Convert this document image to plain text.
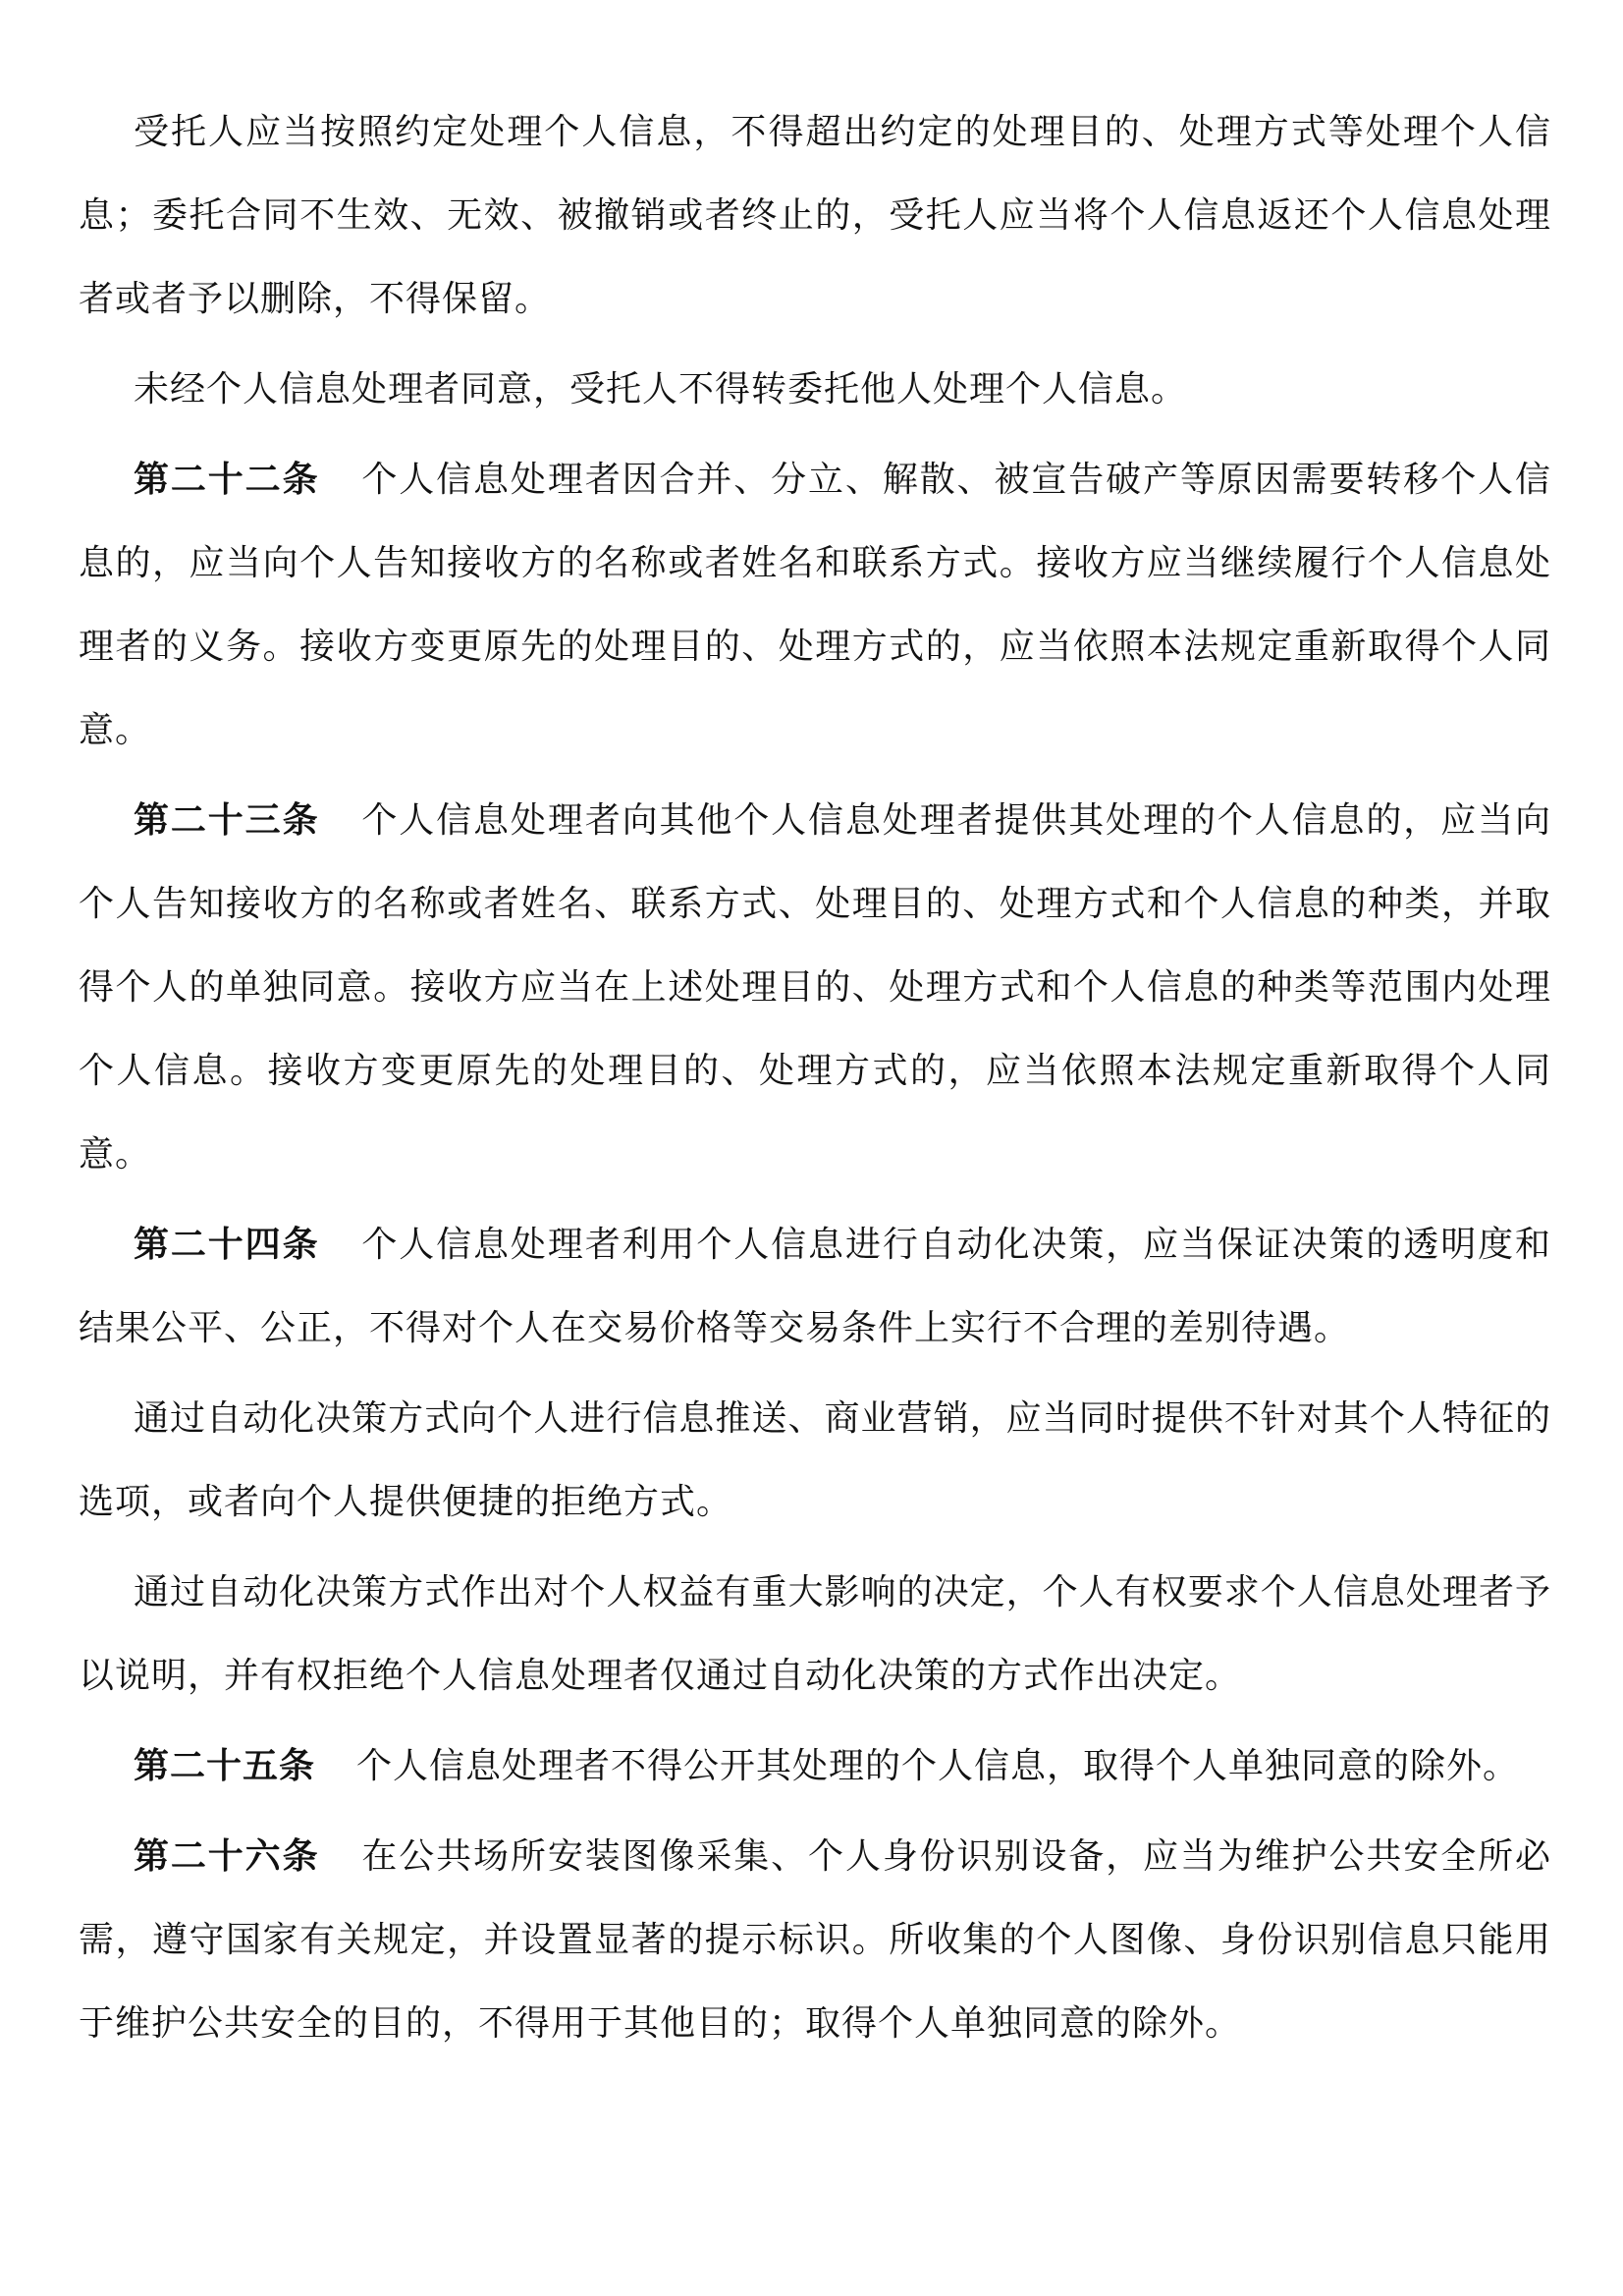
受托人应当按照约定处理个人信息，不得超出约定的处理目的、处理方式等处理个人信息；委托合同不生效、无效、被撤销或者终止的，受托人应当将个人信息返还个人信息处理者或者予以删除，不得保留。

未经个人信息处理者同意，受托人不得转委托他人处理个人信息。

第二十二条 个人信息处理者因合并、分立、解散、被宣告破产等原因需要转移个人信息的，应当向个人告知接收方的名称或者姓名和联系方式。接收方应当继续履行个人信息处理者的义务。接收方变更原先的处理目的、处理方式的，应当依照本法规定重新取得个人同意。

第二十三条 个人信息处理者向其他个人信息处理者提供其处理的个人信息的，应当向个人告知接收方的名称或者姓名、联系方式、处理目的、处理方式和个人信息的种类，并取得个人的单独同意。接收方应当在上述处理目的、处理方式和个人信息的种类等范围内处理个人信息。接收方变更原先的处理目的、处理方式的，应当依照本法规定重新取得个人同意。

第二十四条 个人信息处理者利用个人信息进行自动化决策，应当保证决策的透明度和结果公平、公正，不得对个人在交易价格等交易条件上实行不合理的差别待遇。

通过自动化决策方式向个人进行信息推送、商业营销，应当同时提供不针对其个人特征的选项，或者向个人提供便捷的拒绝方式。

通过自动化决策方式作出对个人权益有重大影响的决定，个人有权要求个人信息处理者予以说明，并有权拒绝个人信息处理者仅通过自动化决策的方式作出决定。

第二十五条 个人信息处理者不得公开其处理的个人信息，取得个人单独同意的除外。

第二十六条 在公共场所安装图像采集、个人身份识别设备，应当为维护公共安全所必需，遵守国家有关规定，并设置显著的提示标识。所收集的个人图像、身份识别信息只能用于维护公共安全的目的，不得用于其他目的；取得个人单独同意的除外。
